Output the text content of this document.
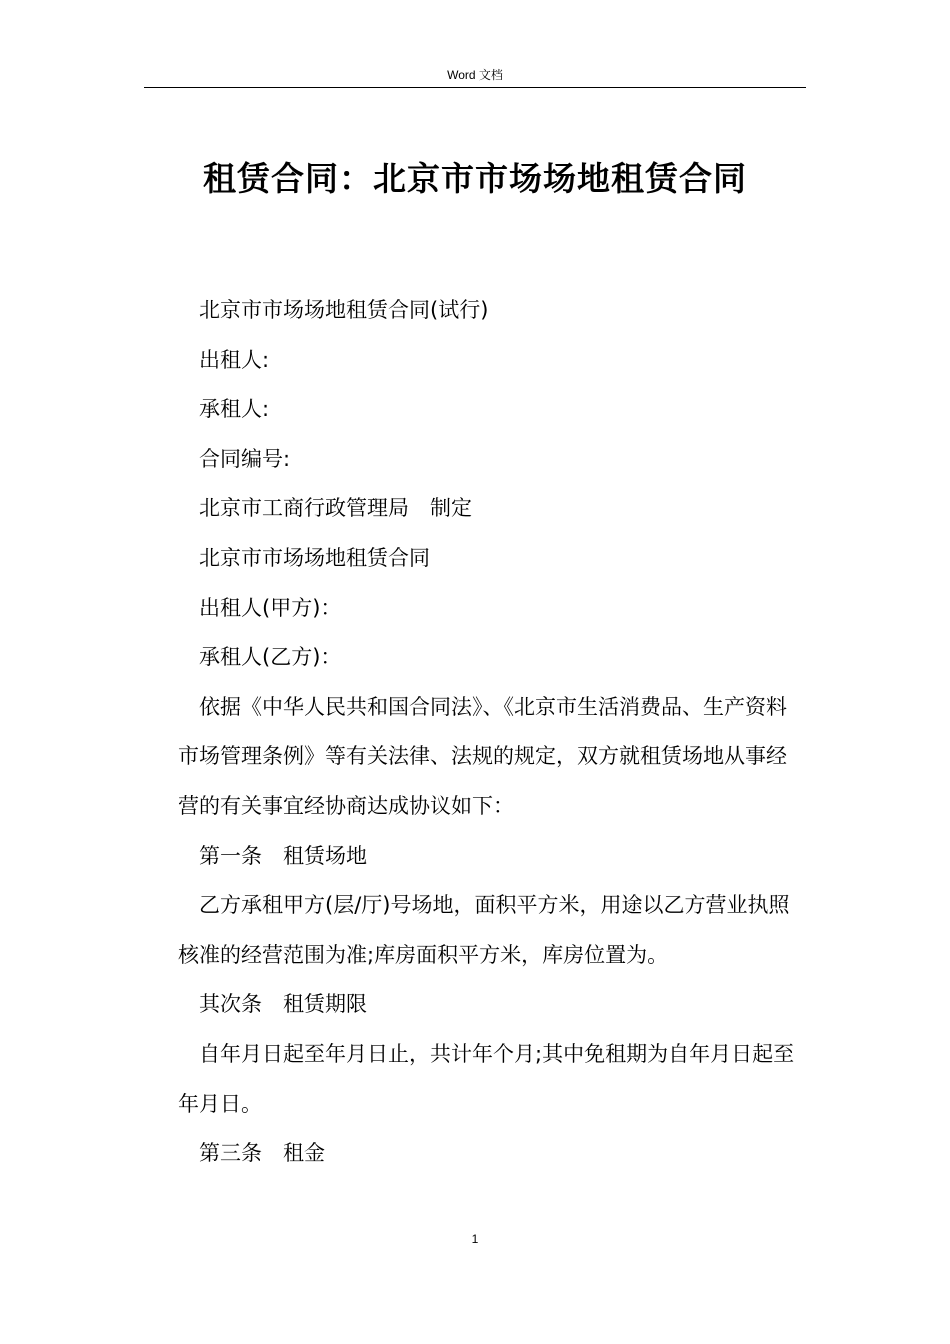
Word 文档
租赁合同：北京市市场场地租赁合同

北京市市场场地租赁合同(试行)

出租人:

承租人:

合同编号:

北京市工商行政管理局　制定

北京市市场场地租赁合同

出租人(甲方)：

承租人(乙方)：

依据《中华人民共和国合同法》、《北京市生活消费品、生产资料市场管理条例》等有关法律、法规的规定，双方就租赁场地从事经营的有关事宜经协商达成协议如下：

第一条　租赁场地

乙方承租甲方(层/厅)号场地，面积平方米，用途以乙方营业执照核准的经营范围为准;库房面积平方米，库房位置为。

其次条　租赁期限

自年月日起至年月日止，共计年个月;其中免租期为自年月日起至年月日。

第三条　租金

1
